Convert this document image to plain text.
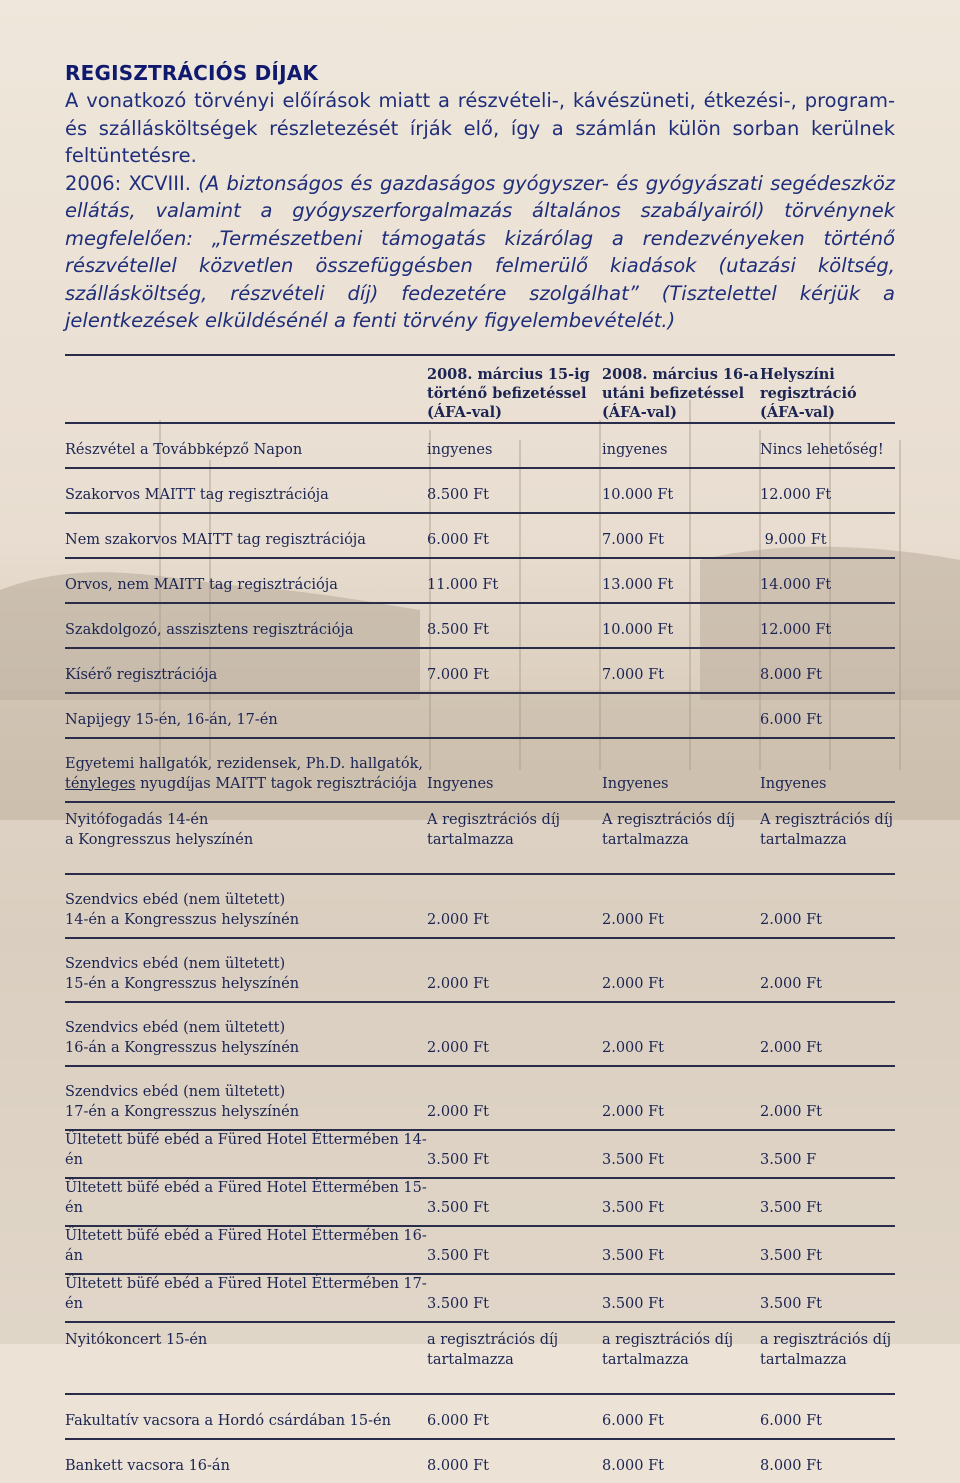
REGISZTRÁCIÓS DÍJAK

A vonatkozó törvényi előírások miatt a részvételi-, kávészüneti, étkezési-, program- és szállásköltségek részletezését írják elő, így a számlán külön sorban kerülnek feltüntetésre.

2006: XCVIII. (A biztonságos és gazdaságos gyógyszer- és gyógyászati segédeszköz ellátás, valamint a gyógyszerforgalmazás általános szabályairól) törvénynek megfelelően: „Természetbeni támogatás kizárólag a rendezvényeken történő részvétellel közvetlen összefüggésben felmerülő kiadások (utazási költség, szállásköltség, részvételi díj) fedezetére szolgálhat” (Tisztelettel kérjük a jelentkezések elküldésénél a fenti törvény figyelembevételét.)

	2008. március 15-ig
történő befizetéssel
(ÁFA-val)	2008. március 16-a
utáni befizetéssel
(ÁFA-val)	Helyszíni
regisztráció
(ÁFA-val)
Részvétel a Továbbképző Napon	ingyenes	ingyenes	Nincs lehetőség!
Szakorvos MAITT tag regisztrációja	8.500 Ft	10.000 Ft	12.000 Ft
Nem szakorvos MAITT tag regisztrációja	6.000 Ft	7.000 Ft	9.000 Ft
Orvos, nem MAITT tag regisztrációja	11.000 Ft	13.000 Ft	14.000 Ft
Szakdolgozó, asszisztens regisztrációja	8.500 Ft	10.000 Ft	12.000 Ft
Kísérő regisztrációja	7.000 Ft	7.000 Ft	8.000 Ft
Napijegy 15-én, 16-án, 17-én			6.000 Ft
Egyetemi hallgatók, rezidensek, Ph.D. hallgatók,
tényleges nyugdíjas MAITT tagok regisztrációja	Ingyenes	Ingyenes	Ingyenes
Nyitófogadás 14-én
a Kongresszus helyszínén	A regisztrációs díj
tartalmazza	A regisztrációs díj
tartalmazza	A regisztrációs díj
tartalmazza
Szendvics ebéd (nem ültetett)
14-én a Kongresszus helyszínén	2.000 Ft	2.000 Ft	2.000 Ft
Szendvics ebéd (nem ültetett)
15-én a Kongresszus helyszínén	2.000 Ft	2.000 Ft	2.000 Ft
Szendvics ebéd (nem ültetett)
16-án a Kongresszus helyszínén	2.000 Ft	2.000 Ft	2.000 Ft
Szendvics ebéd (nem ültetett)
17-én a Kongresszus helyszínén	2.000 Ft	2.000 Ft	2.000 Ft
Ültetett büfé ebéd a Füred Hotel Éttermében 14-én	3.500 Ft	3.500 Ft	3.500 F
Ültetett büfé ebéd a Füred Hotel Éttermében 15-én	3.500 Ft	3.500 Ft	3.500 Ft
Ültetett büfé ebéd a Füred Hotel Éttermében 16-án	3.500 Ft	3.500 Ft	3.500 Ft
Ültetett büfé ebéd a Füred Hotel Éttermében 17-én	3.500 Ft	3.500 Ft	3.500 Ft
Nyitókoncert 15-én	a regisztrációs díj
tartalmazza	a regisztrációs díj
tartalmazza	a regisztrációs díj
tartalmazza
Fakultatív vacsora a Hordó csárdában 15-én	6.000 Ft	6.000 Ft	6.000 Ft
Bankett vacsora 16-án	8.000 Ft	8.000 Ft	8.000 Ft
